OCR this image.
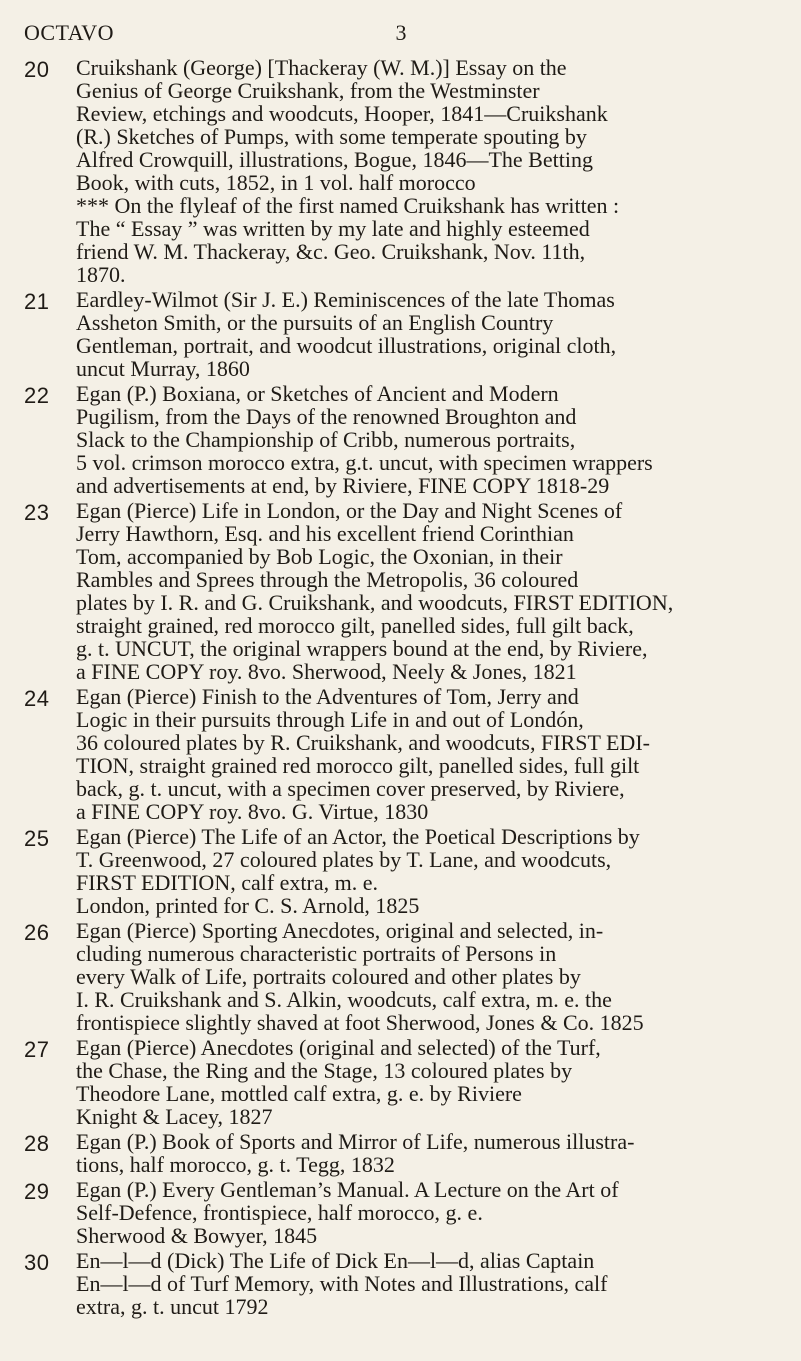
OCTAVO	3
20	Cruikshank (George) [Thackeray (W. M.)] Essay on the
Genius of George Cruikshank, from the Westminster
Review, etchings and woodcuts, Hooper, 1841—Cruikshank
(R.) Sketches of Pumps, with some temperate spouting by
Alfred Crowquill, illustrations, Bogue, 1846—The Betting
Book, with cuts, 1852, in 1 vol. half morocco
*** On the flyleaf of the first named Cruikshank has written :
The “ Essay ” was written by my late and highly esteemed
friend W. M. Thackeray, &c. Geo. Cruikshank, Nov. 11th,
1870.
21	Eardley-Wilmot (Sir J. E.) Reminiscences of the late Thomas
Assheton Smith, or the pursuits of an English Country
Gentleman, portrait, and woodcut illustrations, original cloth,
uncut Murray, 1860
22	Egan (P.) Boxiana, or Sketches of Ancient and Modern
Pugilism, from the Days of the renowned Broughton and
Slack to the Championship of Cribb, numerous portraits,
5 vol. crimson morocco extra, g.t. uncut, with specimen wrappers
and advertisements at end, by Riviere, FINE COPY 1818-29
23	Egan (Pierce) Life in London, or the Day and Night Scenes of
Jerry Hawthorn, Esq. and his excellent friend Corinthian
Tom, accompanied by Bob Logic, the Oxonian, in their
Rambles and Sprees through the Metropolis, 36 coloured
plates by I. R. and G. Cruikshank, and woodcuts, FIRST EDITION,
straight grained, red morocco gilt, panelled sides, full gilt back,
g. t. UNCUT, the original wrappers bound at the end, by Riviere,
a FINE COPY roy. 8vo. Sherwood, Neely & Jones, 1821
24	Egan (Pierce) Finish to the Adventures of Tom, Jerry and
Logic in their pursuits through Life in and out of Londón,
36 coloured plates by R. Cruikshank, and woodcuts, FIRST EDI-
TION, straight grained red morocco gilt, panelled sides, full gilt
back, g. t. uncut, with a specimen cover preserved, by Riviere,
a FINE COPY roy. 8vo. G. Virtue, 1830
25	Egan (Pierce) The Life of an Actor, the Poetical Descriptions by
T. Greenwood, 27 coloured plates by T. Lane, and woodcuts,
FIRST EDITION, calf extra, m. e.
London, printed for C. S. Arnold, 1825
26	Egan (Pierce) Sporting Anecdotes, original and selected, in-
cluding numerous characteristic portraits of Persons in
every Walk of Life, portraits coloured and other plates by
I. R. Cruikshank and S. Alkin, woodcuts, calf extra, m. e. the
frontispiece slightly shaved at foot Sherwood, Jones & Co. 1825
27	Egan (Pierce) Anecdotes (original and selected) of the Turf,
the Chase, the Ring and the Stage, 13 coloured plates by
Theodore Lane, mottled calf extra, g. e. by Riviere
Knight & Lacey, 1827
28	Egan (P.) Book of Sports and Mirror of Life, numerous illustra-
tions, half morocco, g. t. Tegg, 1832
29	Egan (P.) Every Gentleman’s Manual. A Lecture on the Art of
Self-Defence, frontispiece, half morocco, g. e.
Sherwood & Bowyer, 1845
30	En—l—d (Dick) The Life of Dick En—l—d, alias Captain
En—l—d of Turf Memory, with Notes and Illustrations, calf
extra, g. t. uncut 1792
